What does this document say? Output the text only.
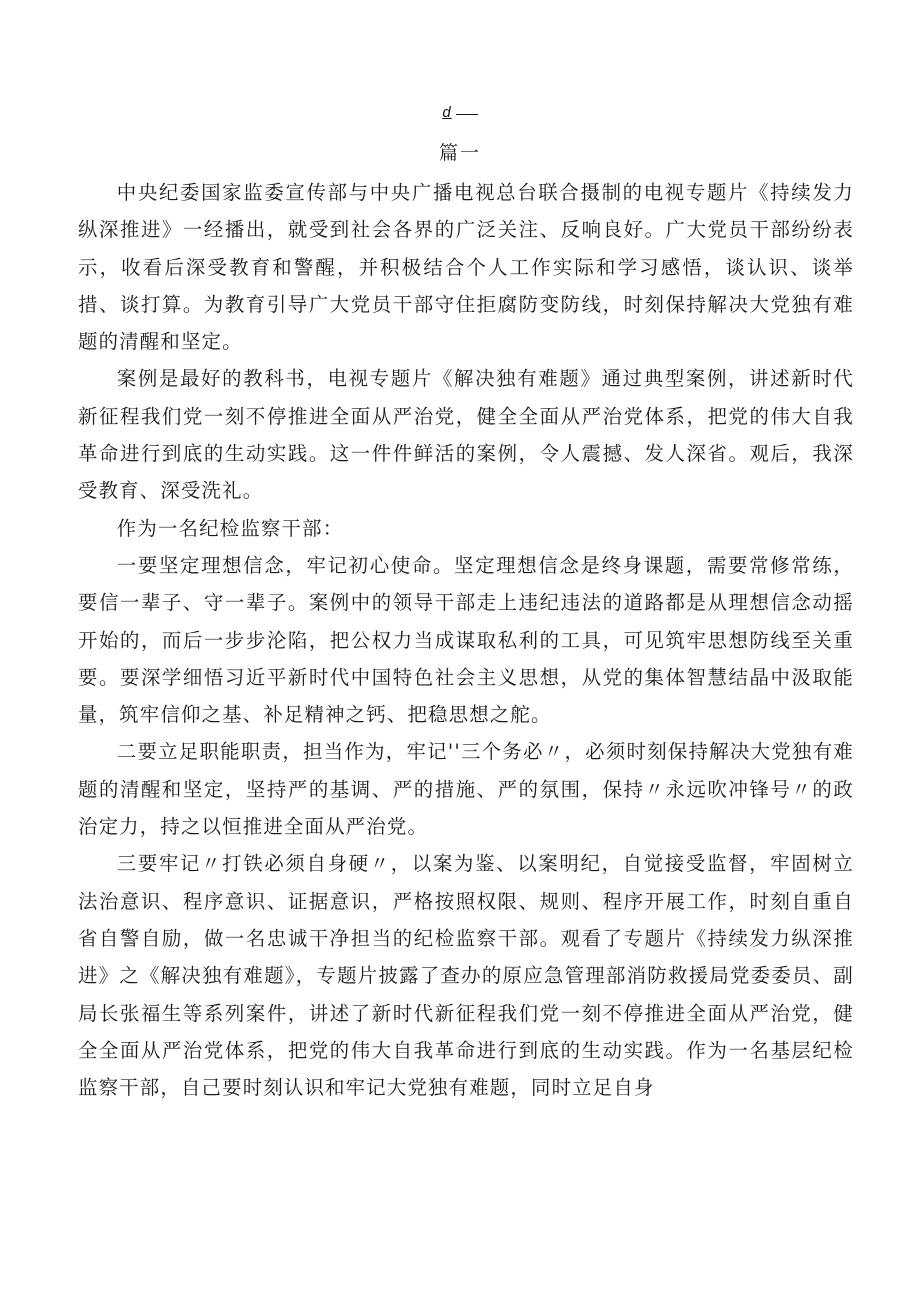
d
篇一

中央纪委国家监委宣传部与中央广播电视总台联合摄制的电视专题片《持续发力纵深推进》一经播出，就受到社会各界的广泛关注、反响良好。广大党员干部纷纷表示，收看后深受教育和警醒，并积极结合个人工作实际和学习感悟，谈认识、谈举措、谈打算。为教育引导广大党员干部守住拒腐防变防线，时刻保持解决大党独有难题的清醒和坚定。

案例是最好的教科书，电视专题片《解决独有难题》通过典型案例，讲述新时代新征程我们党一刻不停推进全面从严治党，健全全面从严治党体系，把党的伟大自我革命进行到底的生动实践。这一件件鲜活的案例，令人震撼、发人深省。观后，我深受教育、深受洗礼。

作为一名纪检监察干部：

一要坚定理想信念，牢记初心使命。坚定理想信念是终身课题，需要常修常练，要信一辈子、守一辈子。案例中的领导干部走上违纪违法的道路都是从理想信念动摇开始的，而后一步步沦陷，把公权力当成谋取私利的工具，可见筑牢思想防线至关重要。要深学细悟习近平新时代中国特色社会主义思想，从党的集体智慧结晶中汲取能量，筑牢信仰之基、补足精神之钙、把稳思想之舵。

二要立足职能职责，担当作为，牢记''三个务必〃，必须时刻保持解决大党独有难题的清醒和坚定，坚持严的基调、严的措施、严的氛围，保持〃永远吹冲锋号〃的政治定力，持之以恒推进全面从严治党。

三要牢记〃打铁必须自身硬〃，以案为鉴、以案明纪，自觉接受监督，牢固树立法治意识、程序意识、证据意识，严格按照权限、规则、程序开展工作，时刻自重自省自警自励，做一名忠诚干净担当的纪检监察干部。观看了专题片《持续发力纵深推进》之《解决独有难题》，专题片披露了查办的原应急管理部消防救援局党委委员、副局长张福生等系列案件，讲述了新时代新征程我们党一刻不停推进全面从严治党，健全全面从严治党体系，把党的伟大自我革命进行到底的生动实践。作为一名基层纪检监察干部，自己要时刻认识和牢记大党独有难题，同时立足自身
